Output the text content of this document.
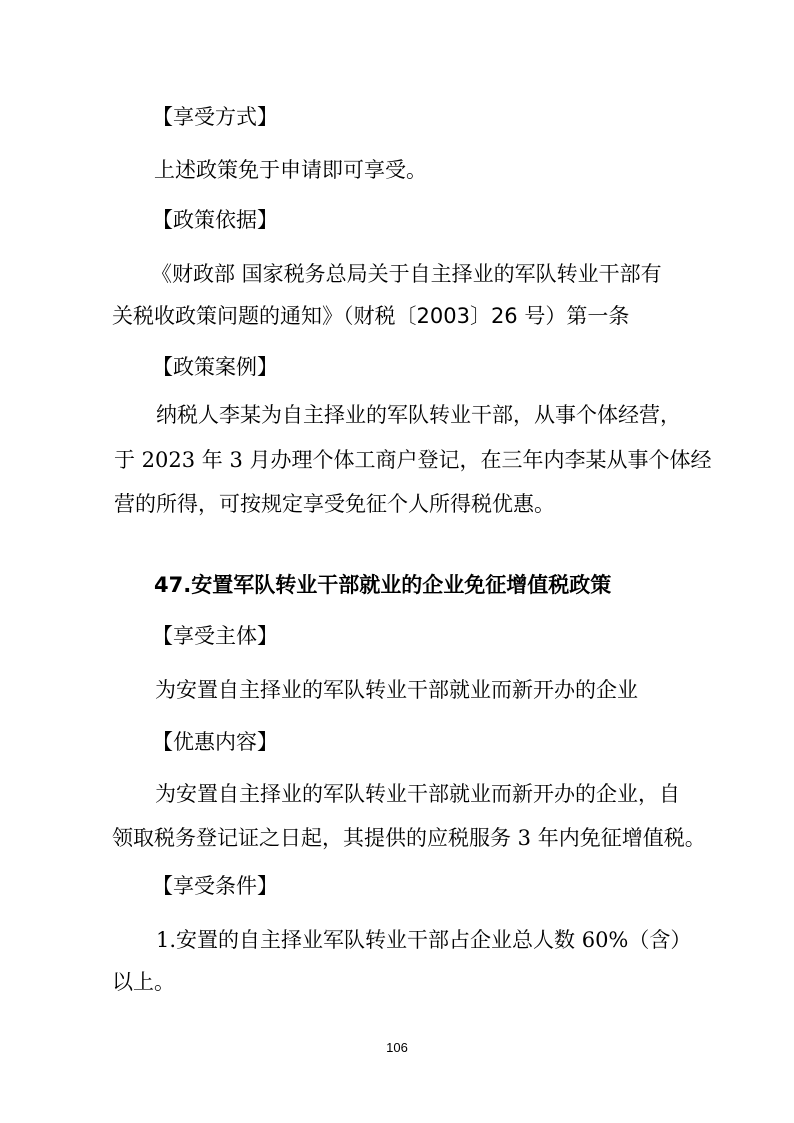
【享受方式】
上述政策免于申请即可享受。
【政策依据】
《财政部 国家税务总局关于自主择业的军队转业干部有
关税收政策问题的通知》（财税〔2003〕26 号）第一条
【政策案例】
纳税人李某为自主择业的军队转业干部，从事个体经营，
于 2023 年 3 月办理个体工商户登记，在三年内李某从事个体经
营的所得，可按规定享受免征个人所得税优惠。
47.安置军队转业干部就业的企业免征增值税政策
【享受主体】
为安置自主择业的军队转业干部就业而新开办的企业
【优惠内容】
为安置自主择业的军队转业干部就业而新开办的企业，自
领取税务登记证之日起，其提供的应税服务 3 年内免征增值税。
【享受条件】
1.安置的自主择业军队转业干部占企业总人数 60%（含）
以上。
106
